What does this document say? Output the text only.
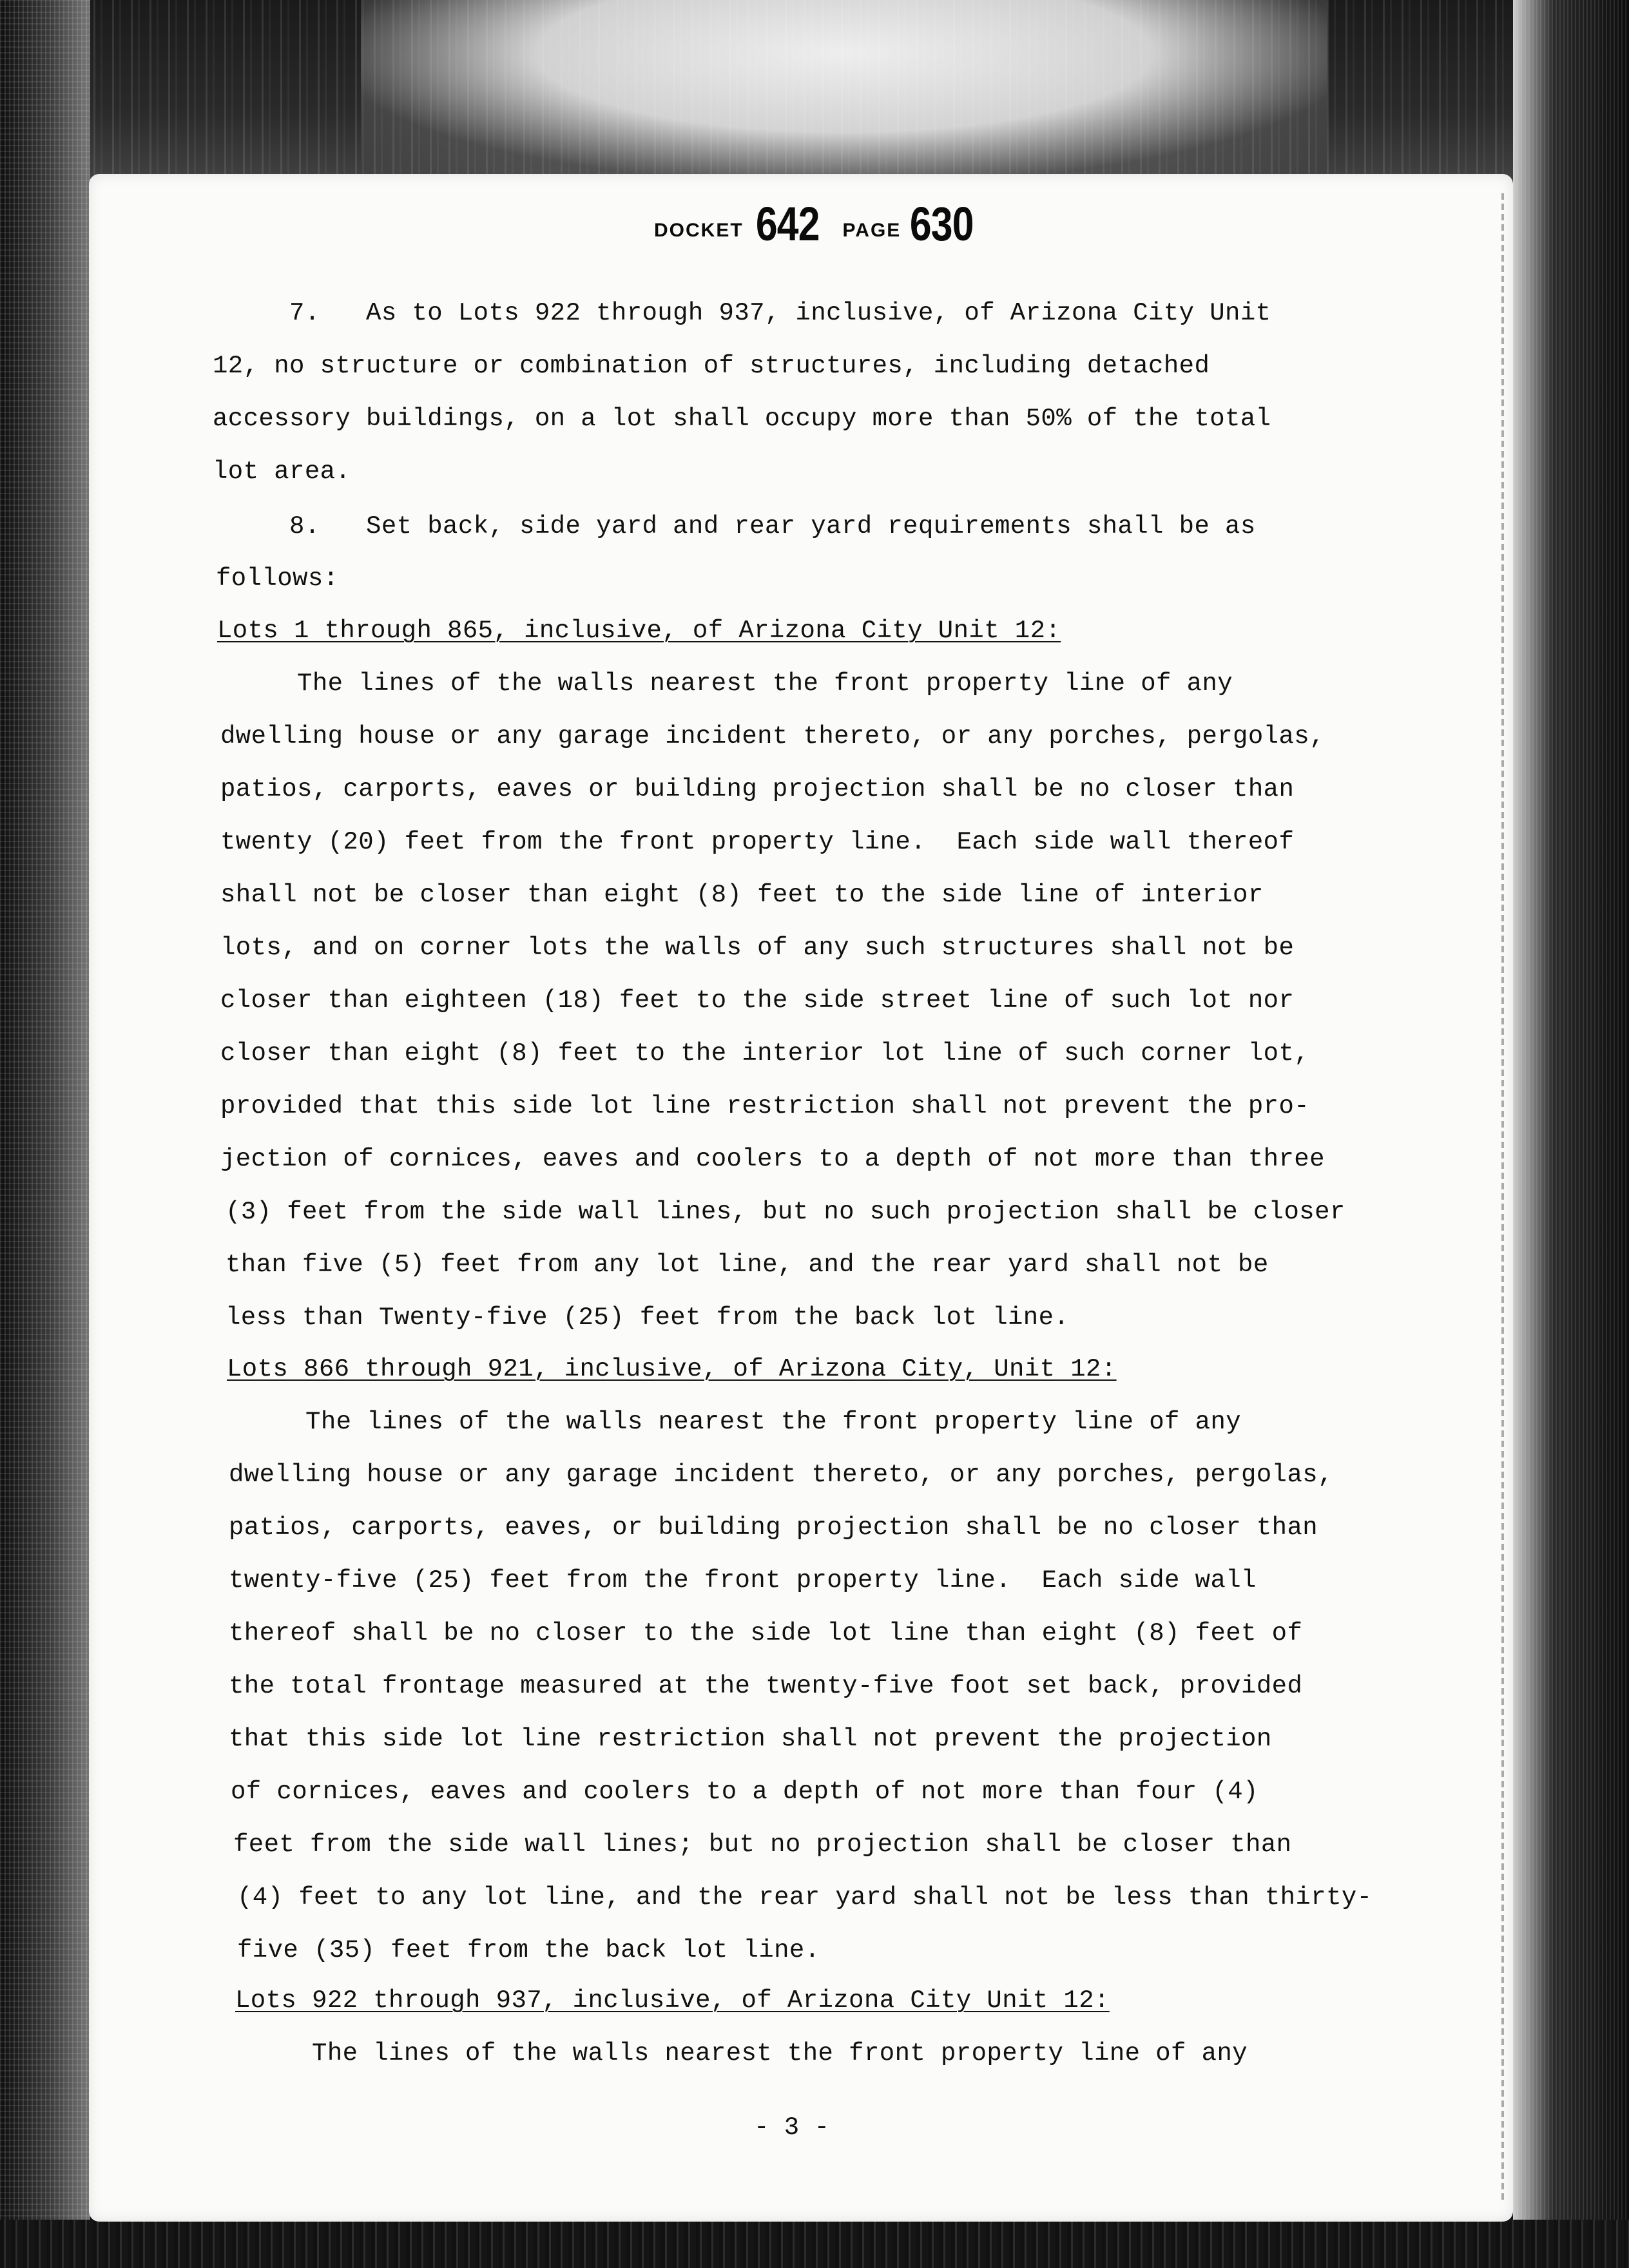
DOCKET 642 PAGE 630

7.   As to Lots 922 through 937, inclusive, of Arizona City Unit

12, no structure or combination of structures, including detached

accessory buildings, on a lot shall occupy more than 50% of the total

lot area.

8.   Set back, side yard and rear yard requirements shall be as

follows:

Lots 1 through 865, inclusive, of Arizona City Unit 12:

The lines of the walls nearest the front property line of any

dwelling house or any garage incident thereto, or any porches, pergolas,

patios, carports, eaves or building projection shall be no closer than

twenty (20) feet from the front property line.  Each side wall thereof

shall not be closer than eight (8) feet to the side line of interior

lots, and on corner lots the walls of any such structures shall not be

closer than eighteen (18) feet to the side street line of such lot nor

closer than eight (8) feet to the interior lot line of such corner lot,

provided that this side lot line restriction shall not prevent the pro-

jection of cornices, eaves and coolers to a depth of not more than three

(3) feet from the side wall lines, but no such projection shall be closer

than five (5) feet from any lot line, and the rear yard shall not be

less than Twenty-five (25) feet from the back lot line.

Lots 866 through 921, inclusive, of Arizona City, Unit 12:

The lines of the walls nearest the front property line of any

dwelling house or any garage incident thereto, or any porches, pergolas,

patios, carports, eaves, or building projection shall be no closer than

twenty-five (25) feet from the front property line.  Each side wall

thereof shall be no closer to the side lot line than eight (8) feet of

the total frontage measured at the twenty-five foot set back, provided

that this side lot line restriction shall not prevent the projection

of cornices, eaves and coolers to a depth of not more than four (4)

feet from the side wall lines; but no projection shall be closer than

(4) feet to any lot line, and the rear yard shall not be less than thirty-

five (35) feet from the back lot line.

Lots 922 through 937, inclusive, of Arizona City Unit 12:

The lines of the walls nearest the front property line of any

- 3 -
